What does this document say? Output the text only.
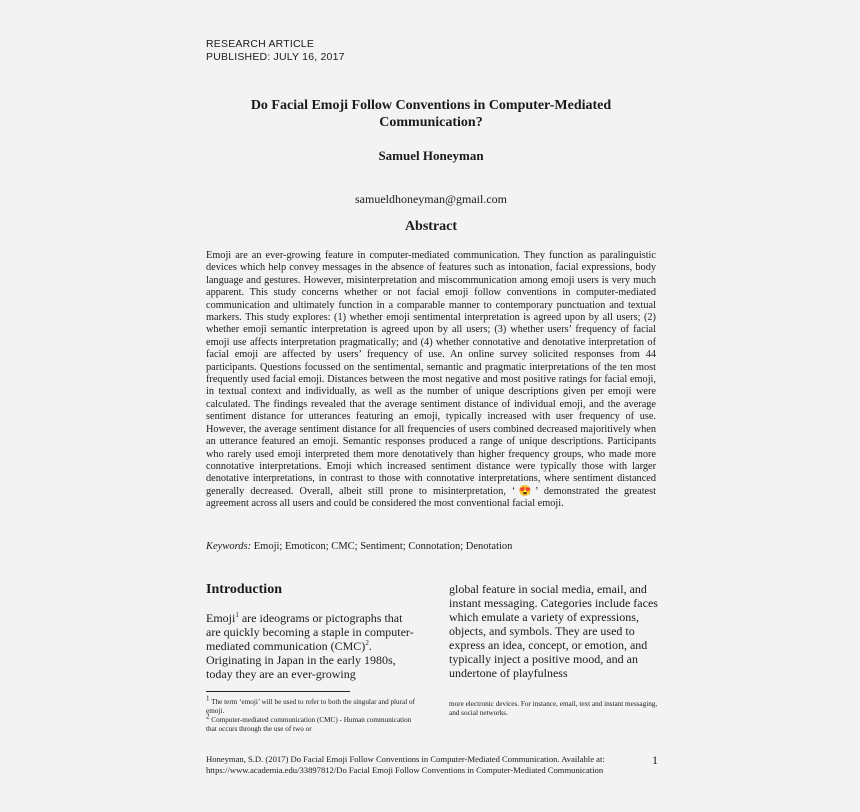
RESEARCH ARTICLE
PUBLISHED: JULY 16, 2017
Do Facial Emoji Follow Conventions in Computer-Mediated Communication?
Samuel Honeyman
samueldhoneyman@gmail.com
Abstract

Emoji are an ever-growing feature in computer-mediated communication. They function as paralinguistic devices which help convey messages in the absence of features such as intonation, facial expressions, body language and gestures. However, misinterpretation and miscommunication among emoji users is very much apparent. This study concerns whether or not facial emoji follow conventions in computer-mediated communication and ultimately function in a comparable manner to contemporary punctuation and textual markers. This study explores: (1) whether emoji sentimental interpretation is agreed upon by all users; (2) whether emoji semantic interpretation is agreed upon by all users; (3) whether users’ frequency of facial emoji use affects interpretation pragmatically; and (4) whether connotative and denotative interpretation of facial emoji are affected by users’ frequency of use. An online survey solicited responses from 44 participants. Questions focussed on the sentimental, semantic and pragmatic interpretations of the ten most frequently used facial emoji. Distances between the most negative and most positive ratings for facial emoji, in textual context and individually, as well as the number of unique descriptions given per emoji were calculated. The findings revealed that the average sentiment distance of individual emoji, and the average sentiment distance for utterances featuring an emoji, typically increased with user frequency of use. However, the average sentiment distance for all frequencies of users combined decreased majoritively when an utterance featured an emoji. Semantic responses produced a range of unique descriptions. Participants who rarely used emoji interpreted them more denotatively than higher frequency groups, who made more connotative interpretations. Emoji which increased sentiment distance were typically those with larger denotative interpretations, in contrast to those with connotative interpretations, where sentiment distanced generally decreased. Overall, albeit still prone to misinterpretation, ‘😍’ demonstrated the greatest agreement across all users and could be considered the most conventional facial emoji.

Keywords: Emoji; Emoticon; CMC; Sentiment; Connotation; Denotation

Introduction

Emoji$^1$ are ideograms or pictographs that are quickly becoming a staple in computer-mediated communication (CMC)$^2$. Originating in Japan in the early 1980s, today they are an ever-growing

global feature in social media, email, and instant messaging. Categories include faces which emulate a variety of expressions, objects, and symbols. They are used to express an idea, concept, or emotion, and typically inject a positive mood, and an undertone of playfulness

$^1$ The term ‘emoji’ will be used to refer to both the singular and plural of emoji.
$^2$ Computer-mediated communication (CMC) - Human communication that occurs through the use of two or

more electronic devices. For instance, email, text and instant messaging, and social networks.

Honeyman, S.D. (2017) Do Facial Emoji Follow Conventions in Computer-Mediated Communication. Available at: https://www.academia.edu/33897812/Do Facial Emoji Follow Conventions in Computer-Mediated Communication

1
